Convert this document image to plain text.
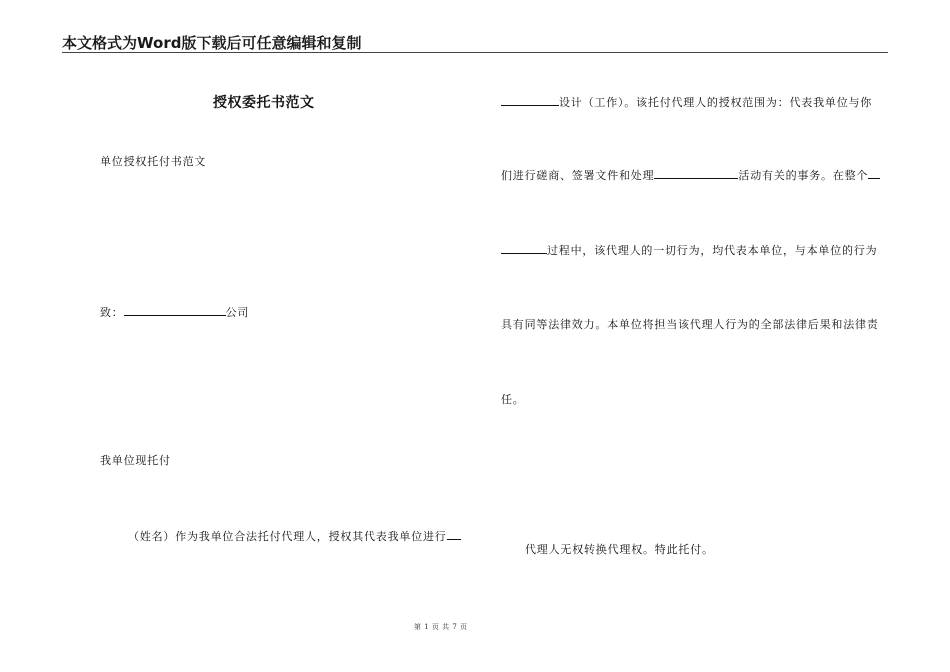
本文格式为Word版下载后可任意编辑和复制
授权委托书范文
单位授权托付书范文
致：	公司
我单位现托付
（姓名）作为我单位合法托付代理人，授权其代表我单位进行
设计（工作）。该托付代理人的授权范围为：代表我单位与你
们进行磋商、签署文件和处理	活动有关的事务。在整个
过程中，该代理人的一切行为，均代表本单位，与本单位的行为
具有同等法律效力。本单位将担当该代理人行为的全部法律后果和法律责
任。
代理人无权转换代理权。特此托付。
第 1 页 共 7 页
